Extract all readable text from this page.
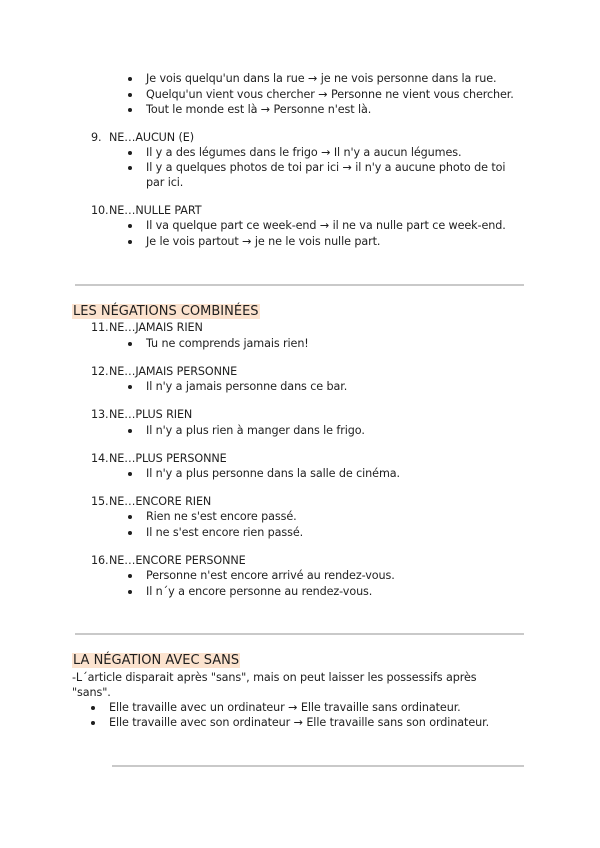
Je vois quelqu'un dans la rue → je ne vois personne dans la rue.
Quelqu'un vient vous chercher → Personne ne vient vous chercher.
Tout le monde est là → Personne n'est là.
9. NE…AUCUN (E)
Il y a des légumes dans le frigo → Il n'y a aucun légumes.
Il y a quelques photos de toi par ici → il n'y a aucune photo de toi
par ici.
10. NE…NULLE PART
Il va quelque part ce week-end → il ne va nulle part ce week-end.
Je le vois partout → je ne le vois nulle part.
LES NÉGATIONS COMBINÉES
11. NE…JAMAIS RIEN
Tu ne comprends jamais rien!
12. NE…JAMAIS PERSONNE
Il n'y a jamais personne dans ce bar.
13. NE…PLUS RIEN
Il n'y a plus rien à manger dans le frigo.
14. NE…PLUS PERSONNE
Il n'y a plus personne dans la salle de cinéma.
15. NE…ENCORE RIEN
Rien ne s'est encore passé.
Il ne s'est encore rien passé.
16. NE…ENCORE PERSONNE
Personne n'est encore arrivé au rendez-vous.
Il n´y a encore personne au rendez-vous.
LA NÉGATION AVEC SANS
-L´article disparait après "sans", mais on peut laisser les possessifs après
"sans".
Elle travaille avec un ordinateur → Elle travaille sans ordinateur.
Elle travaille avec son ordinateur → Elle travaille sans son ordinateur.
